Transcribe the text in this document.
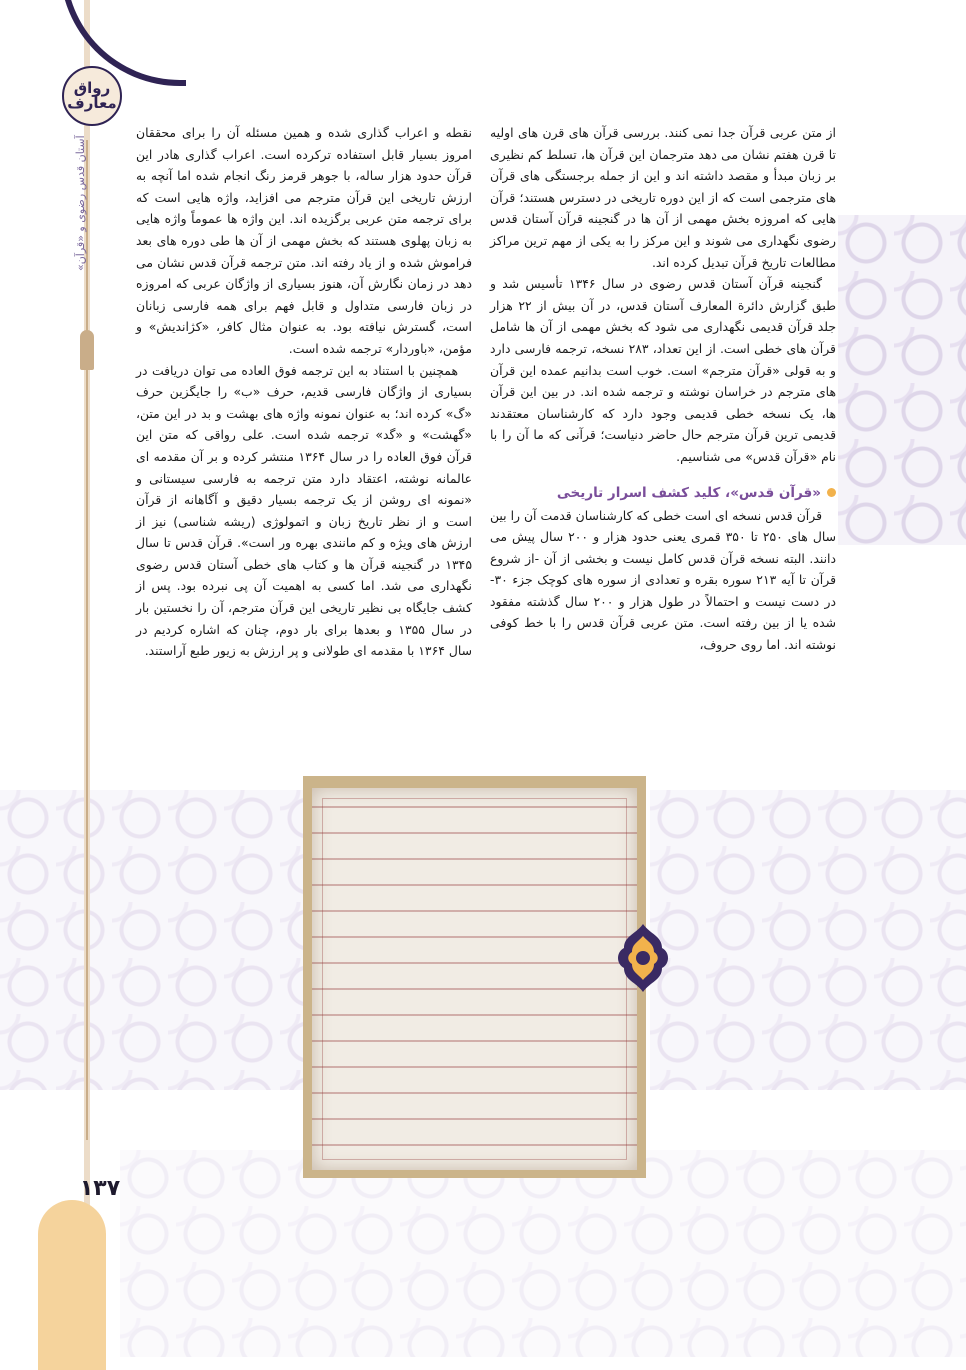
رواق معارف
آستان قدس رضوی و «قرآن»
۱۳۷

از متن عربی قرآن جدا نمی کنند. بررسی قرآن های قرن های اولیه تا قرن هفتم نشان می دهد مترجمان این قرآن ها، تسلط کم نظیری بر زبان مبدأ و مقصد داشته اند و این از جمله برجستگی های قرآن های مترجمی است که از این دوره تاریخی در دسترس هستند؛ قرآن هایی که امروزه بخش مهمی از آن ها در گنجینه قرآن آستان قدس رضوی نگهداری می شوند و این مرکز را به یکی از مهم ترین مراکز مطالعات تاریخ قرآن تبدیل کرده اند.

گنجینه قرآن آستان قدس رضوی در سال ۱۳۴۶ تأسیس شد و طبق گزارش دائرة المعارف آستان قدس، در آن بیش از ۲۲ هزار جلد قرآن قدیمی نگهداری می شود که بخش مهمی از آن ها شامل قرآن های خطی است. از این تعداد، ۲۸۳ نسخه، ترجمه فارسی دارد و به قولی «قرآن مترجم» است. خوب است بدانیم عمده این قرآن های مترجم در خراسان نوشته و ترجمه شده اند. در بین این قرآن ها، یک نسخه خطی قدیمی وجود دارد که کارشناسان معتقدند قدیمی ترین قرآن مترجم حال حاضر دنیاست؛ قرآنی که ما آن را با نام «قرآن قدس» می شناسیم.

«قرآن قدس»، کلید کشف اسرار تاریخی

قرآن قدس نسخه ای است خطی که کارشناسان قدمت آن را بین سال های ۲۵۰ تا ۳۵۰ قمری یعنی حدود هزار و ۲۰۰ سال پیش می دانند. البته نسخه قرآن قدس کامل نیست و بخشی از آن -از شروع قرآن تا آیه ۲۱۳ سوره بقره و تعدادی از سوره های کوچک جزء ۳۰- در دست نیست و احتمالاً در طول هزار و ۲۰۰ سال گذشته مفقود شده یا از بین رفته است. متن عربی قرآن قدس را با خط کوفی نوشته اند. اما روی حروف،

نقطه و اعراب گذاری شده و همین مسئله آن را برای محققان امروز بسیار قابل استفاده ترکرده است. اعراب گذاری هادر این قرآن حدود هزار ساله، با جوهر قرمز رنگ انجام شده اما آنچه به ارزش تاریخی این قرآن مترجم می افزاید، واژه هایی است که برای ترجمه متن عربی برگزیده اند. این واژه ها عموماً واژه هایی به زبان پهلوی هستند که بخش مهمی از آن ها طی دوره های بعد فراموش شده و از یاد رفته اند. متن ترجمه قرآن قدس نشان می دهد در زمان نگارش آن، هنوز بسیاری از واژگان عربی که امروزه در زبان فارسی متداول و قابل فهم برای همه فارسی زبانان است، گسترش نیافته بود. به عنوان مثال کافر، «کژاندیش» و مؤمن، «باوردار» ترجمه شده است.

همچنین با استناد به این ترجمه فوق العاده می توان دریافت در بسیاری از واژگان فارسی قدیم، حرف «ب» را جایگزین حرف «گ» کرده اند؛ به عنوان نمونه واژه های بهشت و بد در این متن، «گهشت» و «گد» ترجمه شده است. علی رواقی که متن این قرآن فوق العاده را در سال ۱۳۶۴ منتشر کرده و بر آن مقدمه ای عالمانه نوشته، اعتقاد دارد متن ترجمه به فارسی سیستانی و «نمونه ای روشن از یک ترجمه بسیار دقیق و آگاهانه از قرآن است و از نظر تاریخ زبان و اتمولوژی (ریشه شناسی) نیز از ارزش های ویژه و کم مانندی بهره ور است». قرآن قدس تا سال ۱۳۴۵ در گنجینه قرآن ها و کتاب های خطی آستان قدس رضوی نگهداری می شد. اما کسی به اهمیت آن پی نبرده بود. پس از کشف جایگاه بی نظیر تاریخی این قرآن مترجم، آن را نخستین بار در سال ۱۳۵۵ و بعدها برای بار دوم، چنان که اشاره کردیم در سال ۱۳۶۴ با مقدمه ای طولانی و پر ارزش به زیور طبع آراستند.
